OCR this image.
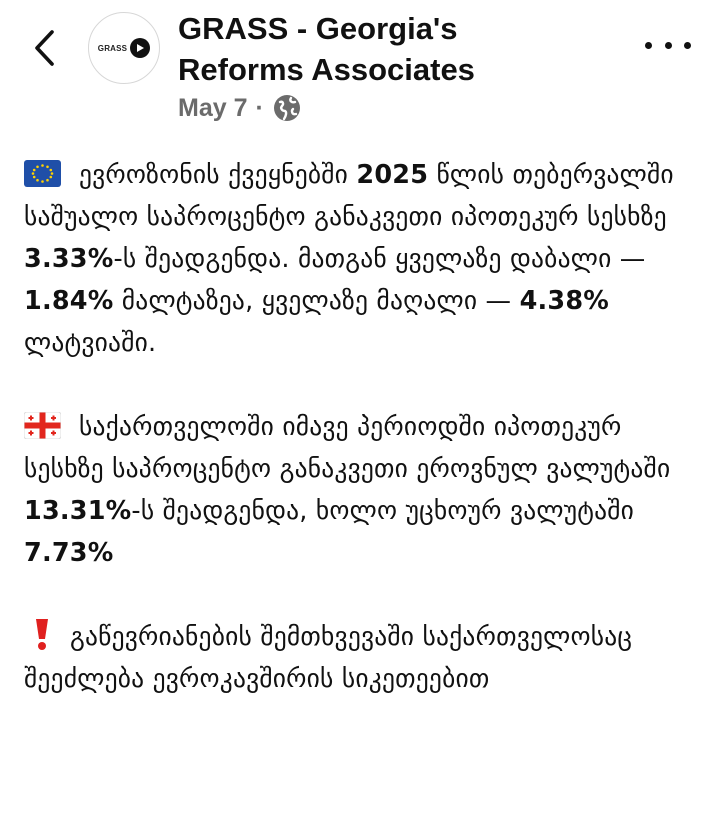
GRASS
GRASS - Georgia's
Reforms Associates
May 7 ·

ევროზონის ქვეყნებში 2025 წლის თებერვალში საშუალო საპროცენტო განაკვეთი იპოთეკურ სესხზე 3.33%-ს შეადგენდა. მათგან ყველაზე დაბალი — 1.84% მალტაზეა, ყველაზე მაღალი — 4.38% ლატვიაში.

საქართველოში იმავე პერიოდში იპოთეკურ სესხზე საპროცენტო განაკვეთი ეროვნულ ვალუტაში 13.31%-ს შეადგენდა, ხოლო უცხოურ ვალუტაში 7.73%

გაწევრიანების შემთხვევაში საქართველოსაც შეეძლება ევროკავშირის სიკეთეებით
